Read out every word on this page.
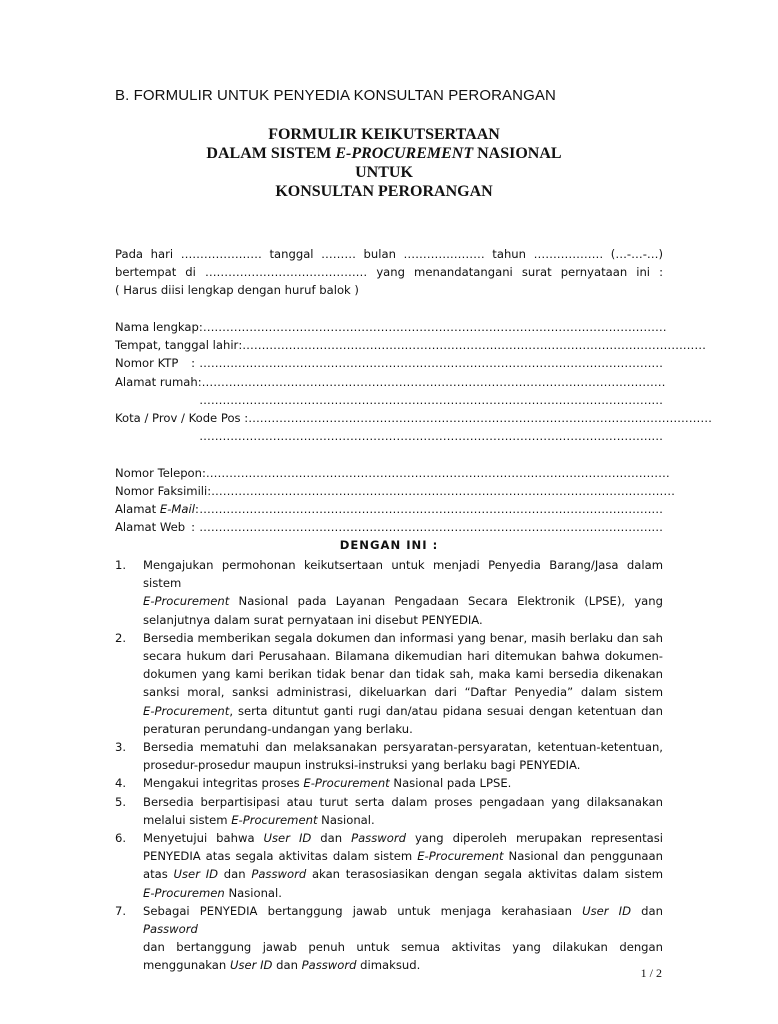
B. FORMULIR UNTUK PENYEDIA KONSULTAN PERORANGAN
FORMULIR KEIKUTSERTAAN
DALAM SISTEM E-PROCUREMENT NASIONAL
UNTUK
KONSULTAN PERORANGAN
Pada hari ………………… tanggal ……… bulan ………………… tahun ……………… (…-…-…)
bertempat di …………………………………… yang menandatangani surat pernyataan ini :
( Harus diisi lengkap dengan huruf balok )
Nama lengkap : …………………………………………………………………………………………………………
Tempat, tanggal lahir : …………………………………………………………………………………………………………
Nomor KTP	: …………………………………………………………………………………………………………
Alamat rumah : …………………………………………………………………………………………………………
…………………………………………………………………………………………………………
Kota / Prov / Kode Pos : …………………………………………………………………………………………………………
…………………………………………………………………………………………………………
Nomor Telepon : …………………………………………………………………………………………………………
Nomor Faksimili : …………………………………………………………………………………………………………
Alamat E-Mail : …………………………………………………………………………………………………………
Alamat Web : …………………………………………………………………………………………………………
DENGAN INI :
1.	Mengajukan permohonan keikutsertaan untuk menjadi Penyedia Barang/Jasa dalam sistem
E-Procurement Nasional pada Layanan Pengadaan Secara Elektronik (LPSE), yang
selanjutnya dalam surat pernyataan ini disebut PENYEDIA.
2.	Bersedia memberikan segala dokumen dan informasi yang benar, masih berlaku dan sah
secara hukum dari Perusahaan. Bilamana dikemudian hari ditemukan bahwa dokumen-
dokumen yang kami berikan tidak benar dan tidak sah, maka kami bersedia dikenakan
sanksi moral, sanksi administrasi, dikeluarkan dari “Daftar Penyedia” dalam sistem
E-Procurement, serta dituntut ganti rugi dan/atau pidana sesuai dengan ketentuan dan
peraturan perundang-undangan yang berlaku.
3.	Bersedia mematuhi dan melaksanakan persyaratan-persyaratan, ketentuan-ketentuan,
prosedur-prosedur maupun instruksi-instruksi yang berlaku bagi PENYEDIA.
4.	Mengakui integritas proses E-Procurement Nasional pada LPSE.
5.	Bersedia berpartisipasi atau turut serta dalam proses pengadaan yang dilaksanakan
melalui sistem E-Procurement Nasional.
6.	Menyetujui bahwa User ID dan Password yang diperoleh merupakan representasi
PENYEDIA atas segala aktivitas dalam sistem E-Procurement Nasional dan penggunaan
atas User ID dan Password akan terasosiasikan dengan segala aktivitas dalam sistem
E-Procuremen Nasional.
7.	Sebagai PENYEDIA bertanggung jawab untuk menjaga kerahasiaan User ID dan Password
dan bertanggung jawab penuh untuk semua aktivitas yang dilakukan dengan
menggunakan User ID dan Password dimaksud.
1 / 2
